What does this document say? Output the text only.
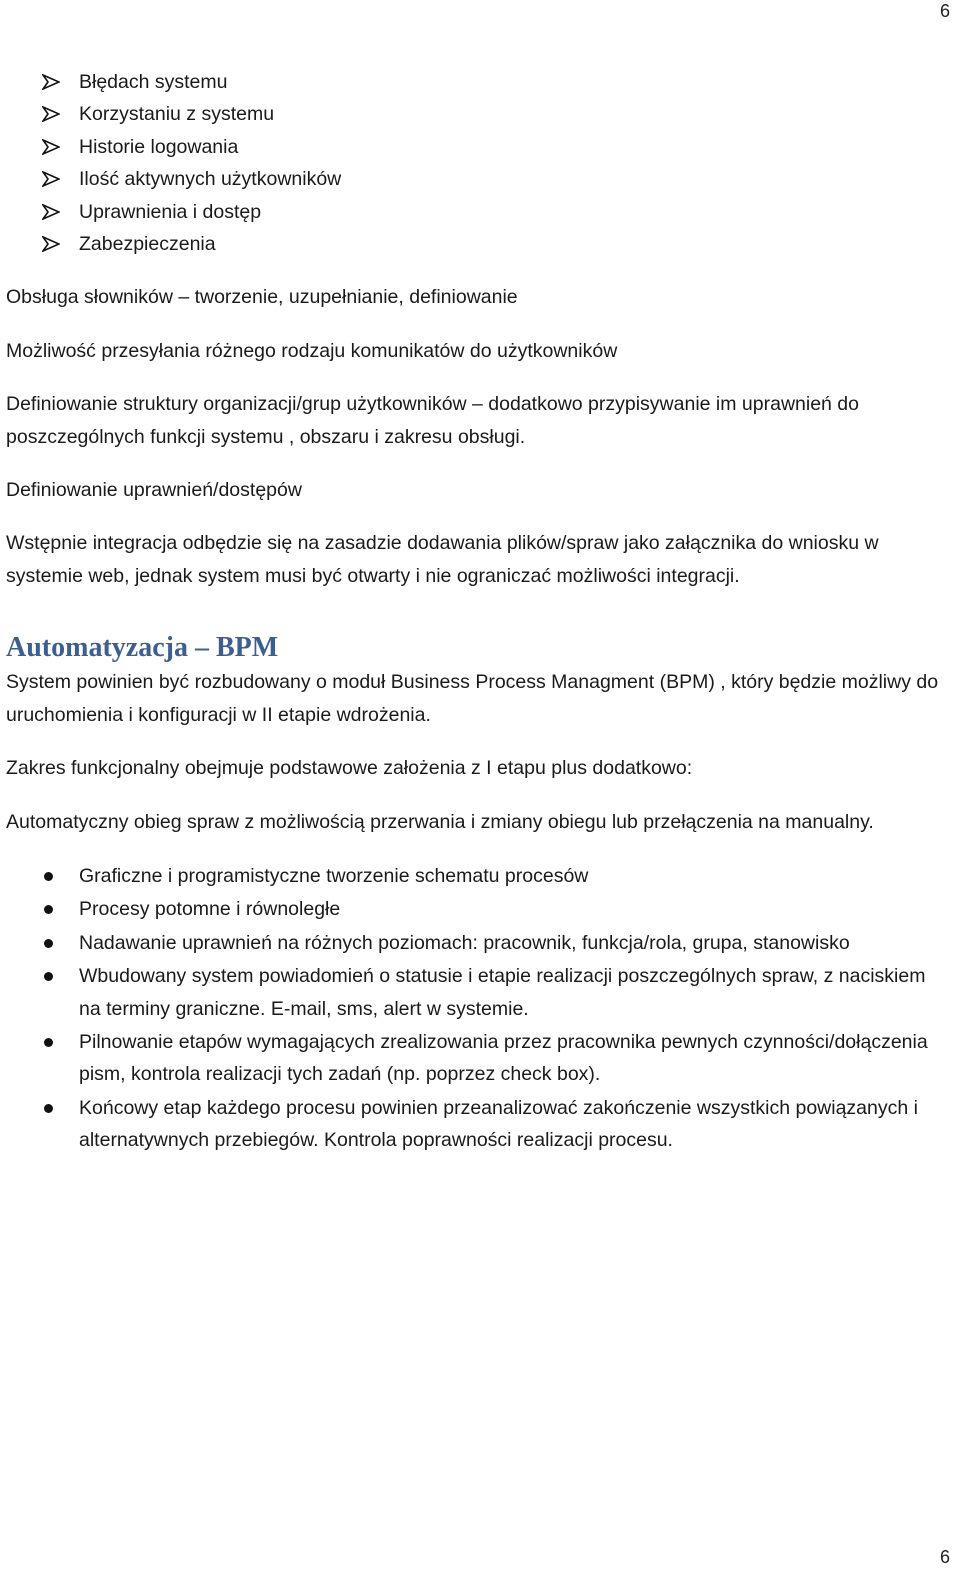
6
Błędach systemu
Korzystaniu z systemu
Historie logowania
Ilość aktywnych użytkowników
Uprawnienia i dostęp
Zabezpieczenia

Obsługa słowników – tworzenie, uzupełnianie, definiowanie

Możliwość przesyłania różnego rodzaju komunikatów do użytkowników

Definiowanie struktury organizacji/grup użytkowników – dodatkowo przypisywanie im uprawnień do poszczególnych funkcji systemu , obszaru i zakresu obsługi.

Definiowanie uprawnień/dostępów

Wstępnie integracja odbędzie się na zasadzie dodawania plików/spraw jako załącznika do wniosku w systemie web, jednak system musi być otwarty i nie ograniczać możliwości integracji.

Automatyzacja – BPM

System powinien być rozbudowany o moduł Business Process Managment (BPM) , który będzie możliwy do uruchomienia i konfiguracji w II etapie wdrożenia.

Zakres funkcjonalny obejmuje podstawowe założenia z I etapu plus dodatkowo:

Automatyczny obieg spraw z możliwością przerwania i zmiany obiegu lub przełączenia na manualny.

Graficzne i programistyczne tworzenie schematu procesów
Procesy potomne i równoległe
Nadawanie uprawnień na różnych poziomach: pracownik, funkcja/rola, grupa, stanowisko
Wbudowany system powiadomień o statusie i etapie realizacji poszczególnych spraw, z naciskiem na terminy graniczne. E-mail, sms, alert w systemie.
Pilnowanie etapów wymagających zrealizowania przez pracownika pewnych czynności/dołączenia pism, kontrola realizacji tych zadań (np. poprzez check box).
Końcowy etap każdego procesu powinien przeanalizować zakończenie wszystkich powiązanych i alternatywnych przebiegów. Kontrola poprawności realizacji procesu.
6
